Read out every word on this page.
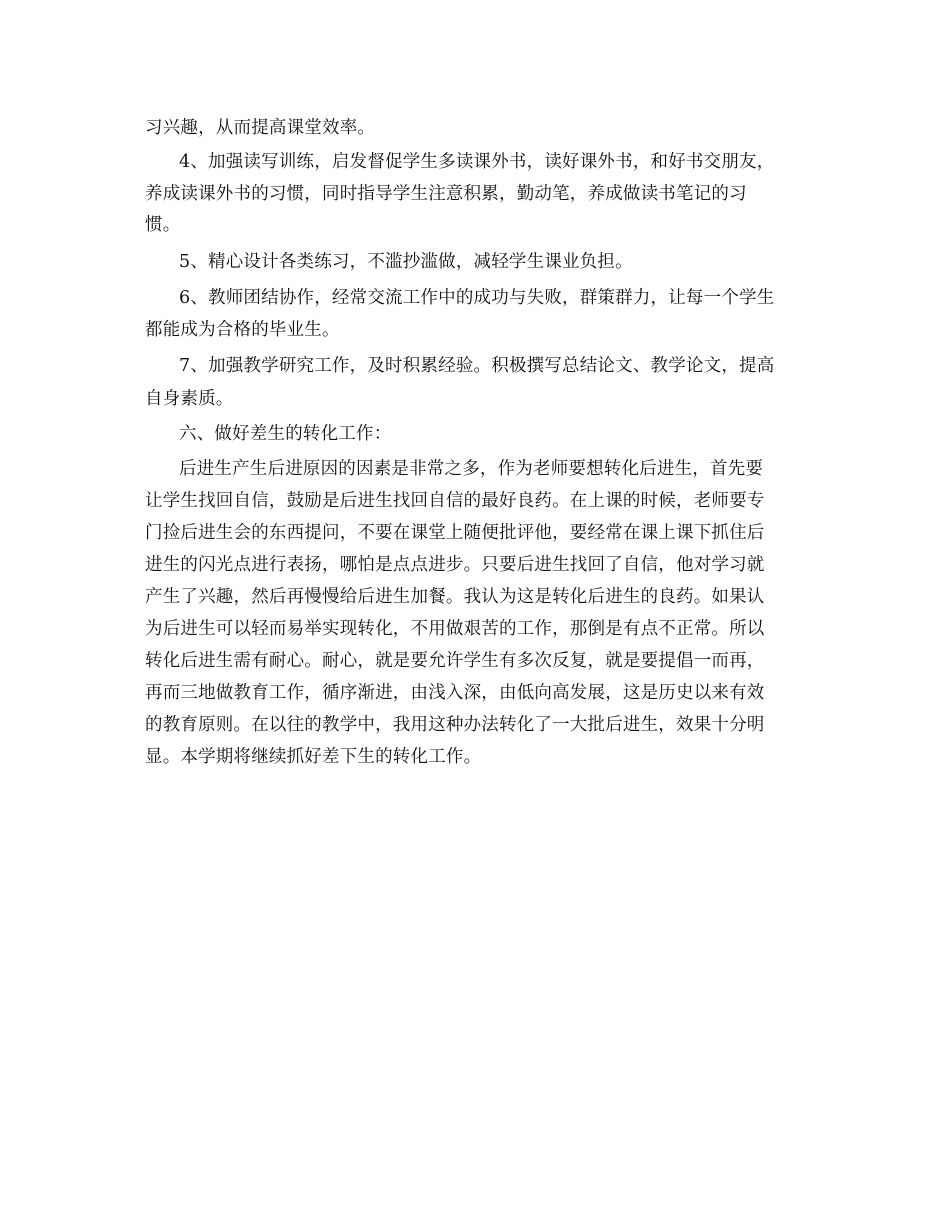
习兴趣，从而提高课堂效率。
4、加强读写训练，启发督促学生多读课外书，读好课外书，和好书交朋友，
养成读课外书的习惯，同时指导学生注意积累，勤动笔，养成做读书笔记的习
惯。
5、精心设计各类练习，不滥抄滥做，减轻学生课业负担。
6、教师团结协作，经常交流工作中的成功与失败，群策群力，让每一个学生
都能成为合格的毕业生。
7、加强教学研究工作，及时积累经验。积极撰写总结论文、教学论文，提高
自身素质。
六、做好差生的转化工作：
后进生产生后进原因的因素是非常之多，作为老师要想转化后进生，首先要
让学生找回自信，鼓励是后进生找回自信的最好良药。在上课的时候，老师要专
门捡后进生会的东西提问，不要在课堂上随便批评他，要经常在课上课下抓住后
进生的闪光点进行表扬，哪怕是点点进步。只要后进生找回了自信，他对学习就
产生了兴趣，然后再慢慢给后进生加餐。我认为这是转化后进生的良药。如果认
为后进生可以轻而易举实现转化，不用做艰苦的工作，那倒是有点不正常。所以
转化后进生需有耐心。耐心，就是要允许学生有多次反复，就是要提倡一而再，
再而三地做教育工作，循序渐进，由浅入深，由低向高发展，这是历史以来有效
的教育原则。在以往的教学中，我用这种办法转化了一大批后进生，效果十分明
显。本学期将继续抓好差下生的转化工作。
